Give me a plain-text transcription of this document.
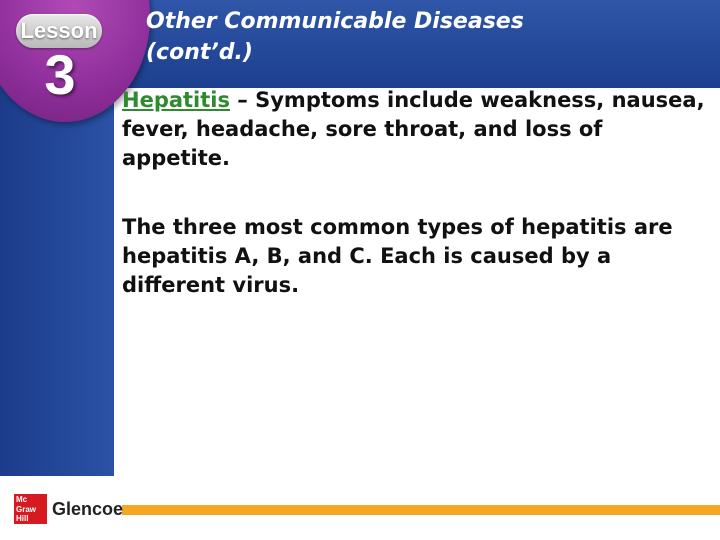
Lesson
3
Other Communicable Diseases
(cont’d.)

Hepatitis – Symptoms include weakness, nausea, fever, headache, sore throat, and loss of appetite.

The three most common types of hepatitis are hepatitis A, B, and C. Each is caused by a different virus.

Mc
Graw
Hill	Glencoe
